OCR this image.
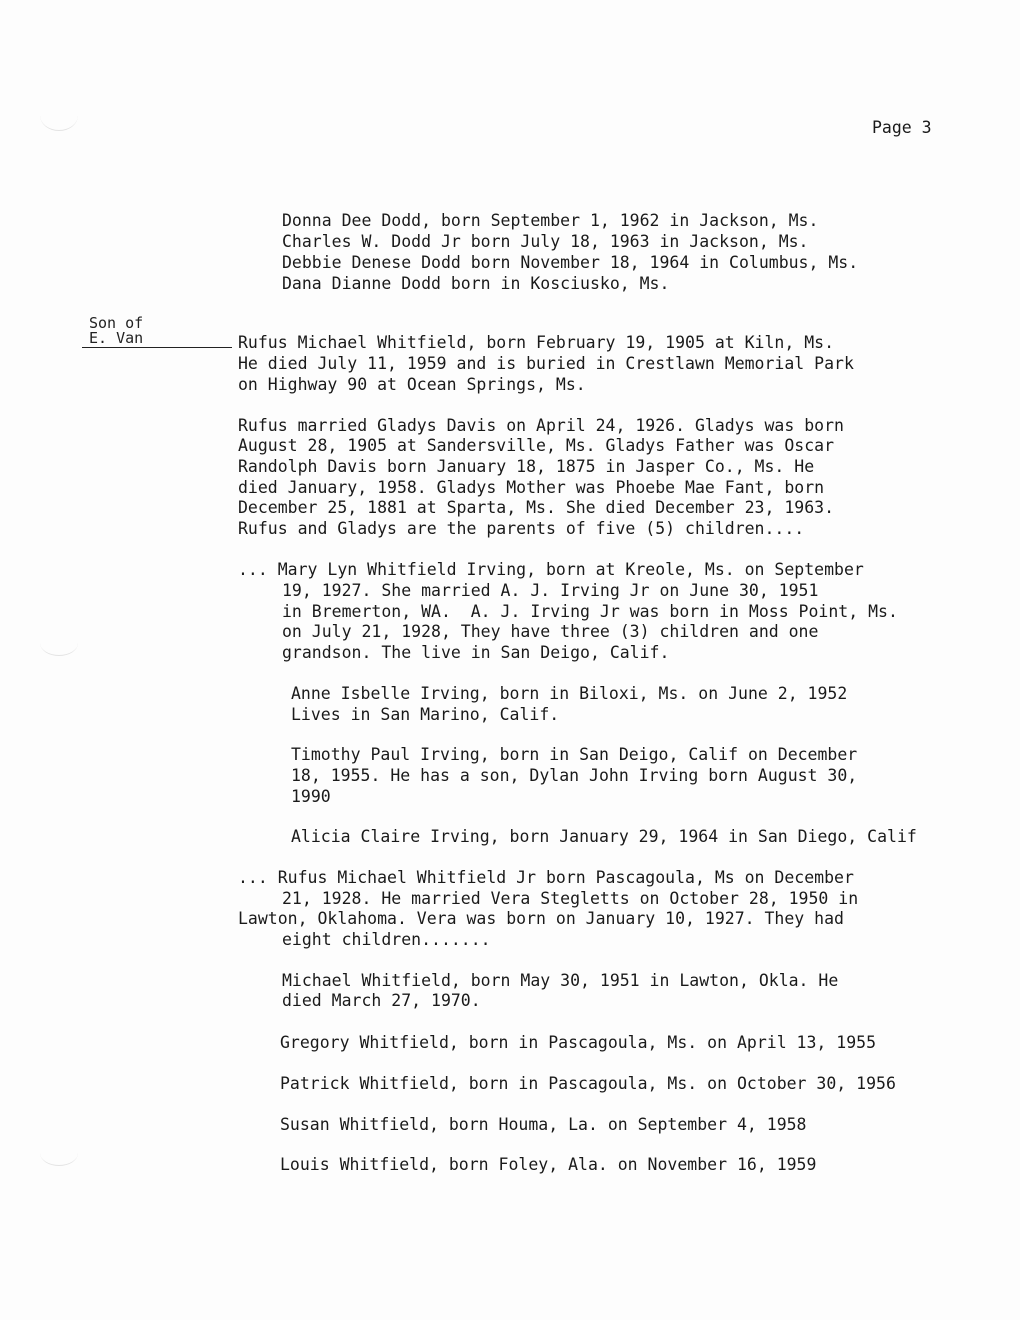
Page 3
Son of
E. Van
Donna Dee Dodd, born September 1, 1962 in Jackson, Ms.
Charles W. Dodd Jr born July 18, 1963 in Jackson, Ms.
Debbie Denese Dodd born November 18, 1964 in Columbus, Ms.
Dana Dianne Dodd born in Kosciusko, Ms.
Rufus Michael Whitfield, born February 19, 1905 at Kiln, Ms.
He died July 11, 1959 and is buried in Crestlawn Memorial Park
on Highway 90 at Ocean Springs, Ms.
Rufus married Gladys Davis on April 24, 1926. Gladys was born
August 28, 1905 at Sandersville, Ms. Gladys Father was Oscar
Randolph Davis born January 18, 1875 in Jasper Co., Ms. He
died January, 1958. Gladys Mother was Phoebe Mae Fant, born
December 25, 1881 at Sparta, Ms. She died December 23, 1963.
Rufus and Gladys are the parents of five (5) children....
... Mary Lyn Whitfield Irving, born at Kreole, Ms. on September
19, 1927. She married A. J. Irving Jr on June 30, 1951
in Bremerton, WA.  A. J. Irving Jr was born in Moss Point, Ms.
on July 21, 1928, They have three (3) children and one
grandson. The live in San Deigo, Calif.
Anne Isbelle Irving, born in Biloxi, Ms. on June 2, 1952
Lives in San Marino, Calif.
Timothy Paul Irving, born in San Deigo, Calif on December
18, 1955. He has a son, Dylan John Irving born August 30,
1990
Alicia Claire Irving, born January 29, 1964 in San Diego, Calif
... Rufus Michael Whitfield Jr born Pascagoula, Ms on December
21, 1928. He married Vera Stegletts on October 28, 1950 in
Lawton, Oklahoma. Vera was born on January 10, 1927. They had
eight children.......
Michael Whitfield, born May 30, 1951 in Lawton, Okla. He
died March 27, 1970.
Gregory Whitfield, born in Pascagoula, Ms. on April 13, 1955
Patrick Whitfield, born in Pascagoula, Ms. on October 30, 1956
Susan Whitfield, born Houma, La. on September 4, 1958
Louis Whitfield, born Foley, Ala. on November 16, 1959
